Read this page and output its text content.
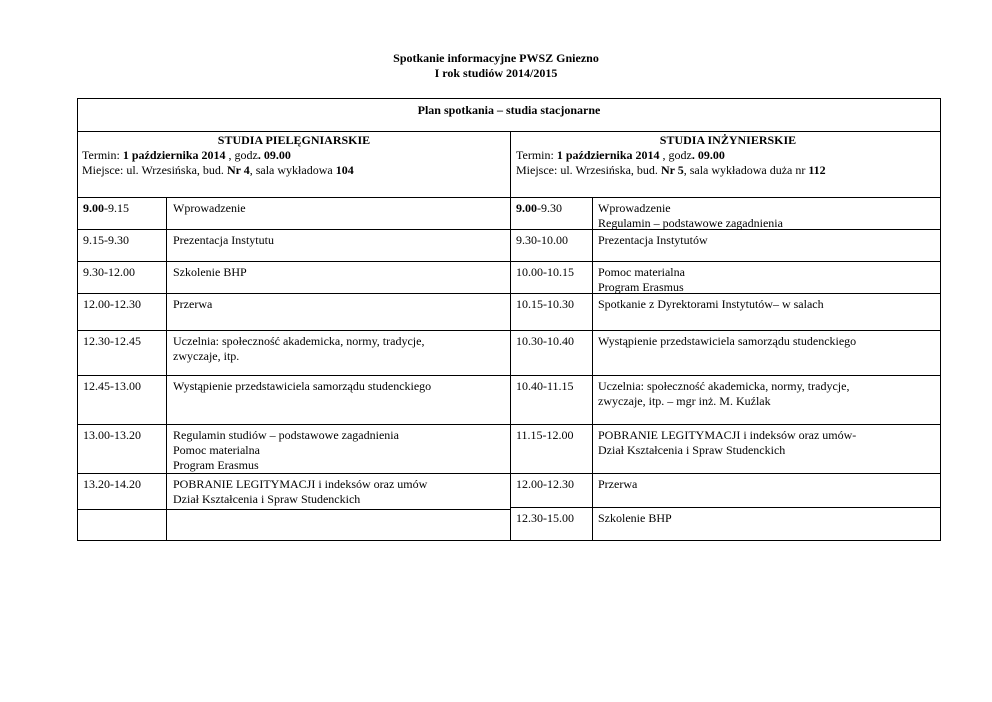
Spotkanie informacyjne PWSZ Gniezno
I rok studiów 2014/2015
Plan spotkania – studia stacjonarne
STUDIA PIELĘGNIARSKIE
Termin: 1 października 2014 , godz. 09.00
Miejsce: ul. Wrzesińska, bud. Nr 4, sala wykładowa 104
STUDIA INŻYNIERSKIE
Termin: 1 października 2014 , godz. 09.00
Miejsce: ul. Wrzesińska, bud. Nr 5, sala wykładowa duża nr 112
9.00-9.15	Wprowadzenie
9.15-9.30	Prezentacja Instytutu
9.30-12.00	Szkolenie BHP
12.00-12.30	Przerwa
12.30-12.45	Uczelnia: społeczność akademicka, normy, tradycje,
zwyczaje, itp.
12.45-13.00	Wystąpienie przedstawiciela samorządu studenckiego
13.00-13.20	Regulamin studiów – podstawowe zagadnienia
Pomoc materialna
Program Erasmus
13.20-14.20	POBRANIE LEGITYMACJI i indeksów oraz umów
Dział Kształcenia i Spraw Studenckich
9.00-9.30	Wprowadzenie
Regulamin – podstawowe zagadnienia
9.30-10.00	Prezentacja Instytutów
10.00-10.15 Pomoc materialna
Program Erasmus
10.15-10.30 Spotkanie z Dyrektorami Instytutów– w salach
10.30-10.40 Wystąpienie przedstawiciela samorządu studenckiego
10.40-11.15 Uczelnia: społeczność akademicka, normy, tradycje,
zwyczaje, itp. – mgr inż. M. Kuźlak
11.15-12.00 POBRANIE LEGITYMACJI i indeksów oraz umów-
Dział Kształcenia i Spraw Studenckich
12.00-12.30 Przerwa
12.30-15.00 Szkolenie BHP
